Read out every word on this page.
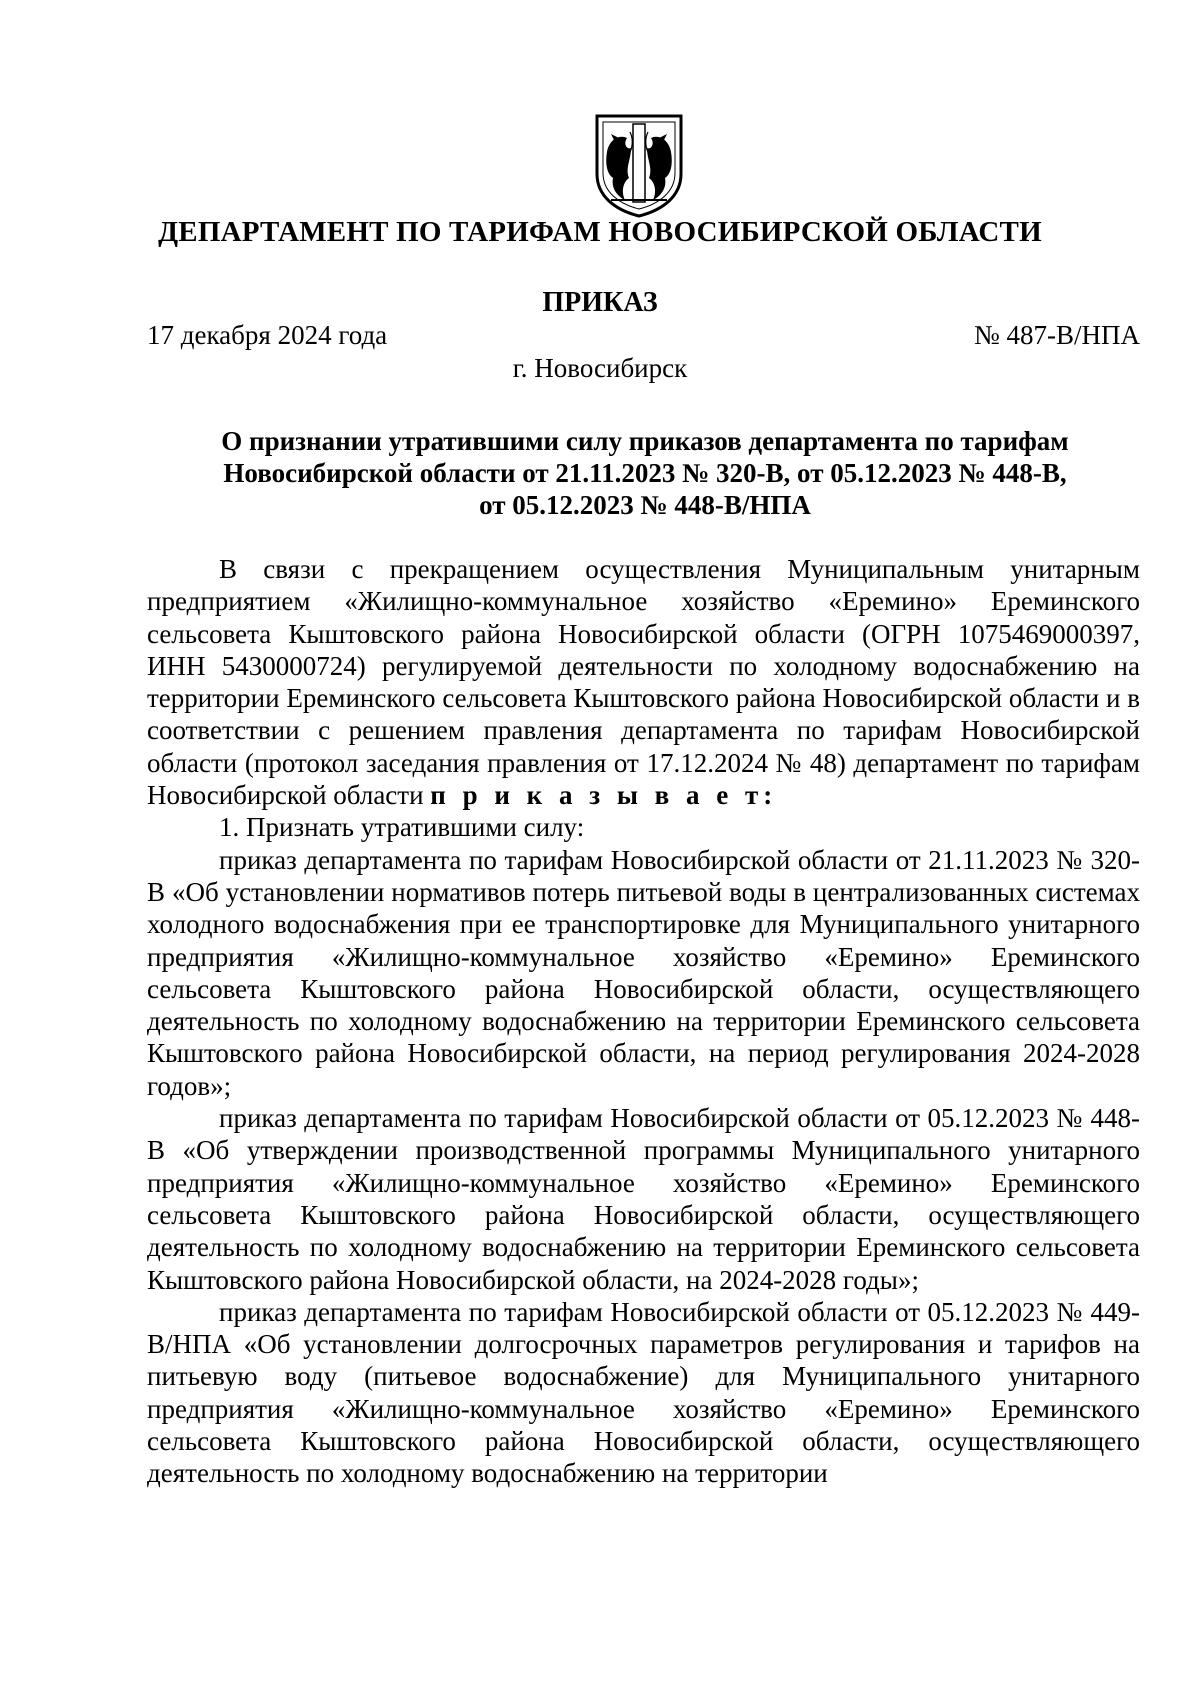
ДЕПАРТАМЕНТ ПО ТАРИФАМ НОВОСИБИРСКОЙ ОБЛАСТИ
ПРИКАЗ
17 декабря 2024 года	№ 487-В/НПА
г. Новосибирск
О признании утратившими силу приказов департамента по тарифам
Новосибирской области от 21.11.2023 № 320-В, от 05.12.2023 № 448-В,
от 05.12.2023 № 448-В/НПА

В связи с прекращением осуществления Муниципальным унитарным предприятием «Жилищно-коммунальное хозяйство «Еремино» Ереминского сельсовета Кыштовского района Новосибирской области (ОГРН 1075469000397, ИНН 5430000724) регулируемой деятельности по холодному водоснабжению на территории Ереминского сельсовета Кыштовского района Новосибирской области и в соответствии с решением правления департамента по тарифам Новосибирской области (протокол заседания правления от 17.12.2024 № 48) департамент по тарифам Новосибирской области п р и к а з ы в а е т:

1. Признать утратившими силу:

приказ департамента по тарифам Новосибирской области от 21.11.2023 № 320-В «Об установлении нормативов потерь питьевой воды в централизованных системах холодного водоснабжения при ее транспортировке для Муниципального унитарного предприятия «Жилищно-коммунальное хозяйство «Еремино» Ереминского сельсовета Кыштовского района Новосибирской области, осуществляющего деятельность по холодному водоснабжению на территории Ереминского сельсовета Кыштовского района Новосибирской области, на период регулирования 2024-2028 годов»;

приказ департамента по тарифам Новосибирской области от 05.12.2023 № 448-В «Об утверждении производственной программы Муниципального унитарного предприятия «Жилищно-коммунальное хозяйство «Еремино» Ереминского сельсовета Кыштовского района Новосибирской области, осуществляющего деятельность по холодному водоснабжению на территории Ереминского сельсовета Кыштовского района Новосибирской области, на 2024-2028 годы»;

приказ департамента по тарифам Новосибирской области от 05.12.2023 № 449-В/НПА «Об установлении долгосрочных параметров регулирования и тарифов на питьевую воду (питьевое водоснабжение) для Муниципального унитарного предприятия «Жилищно-коммунальное хозяйство «Еремино» Ереминского сельсовета Кыштовского района Новосибирской области, осуществляющего деятельность по холодному водоснабжению на территории
